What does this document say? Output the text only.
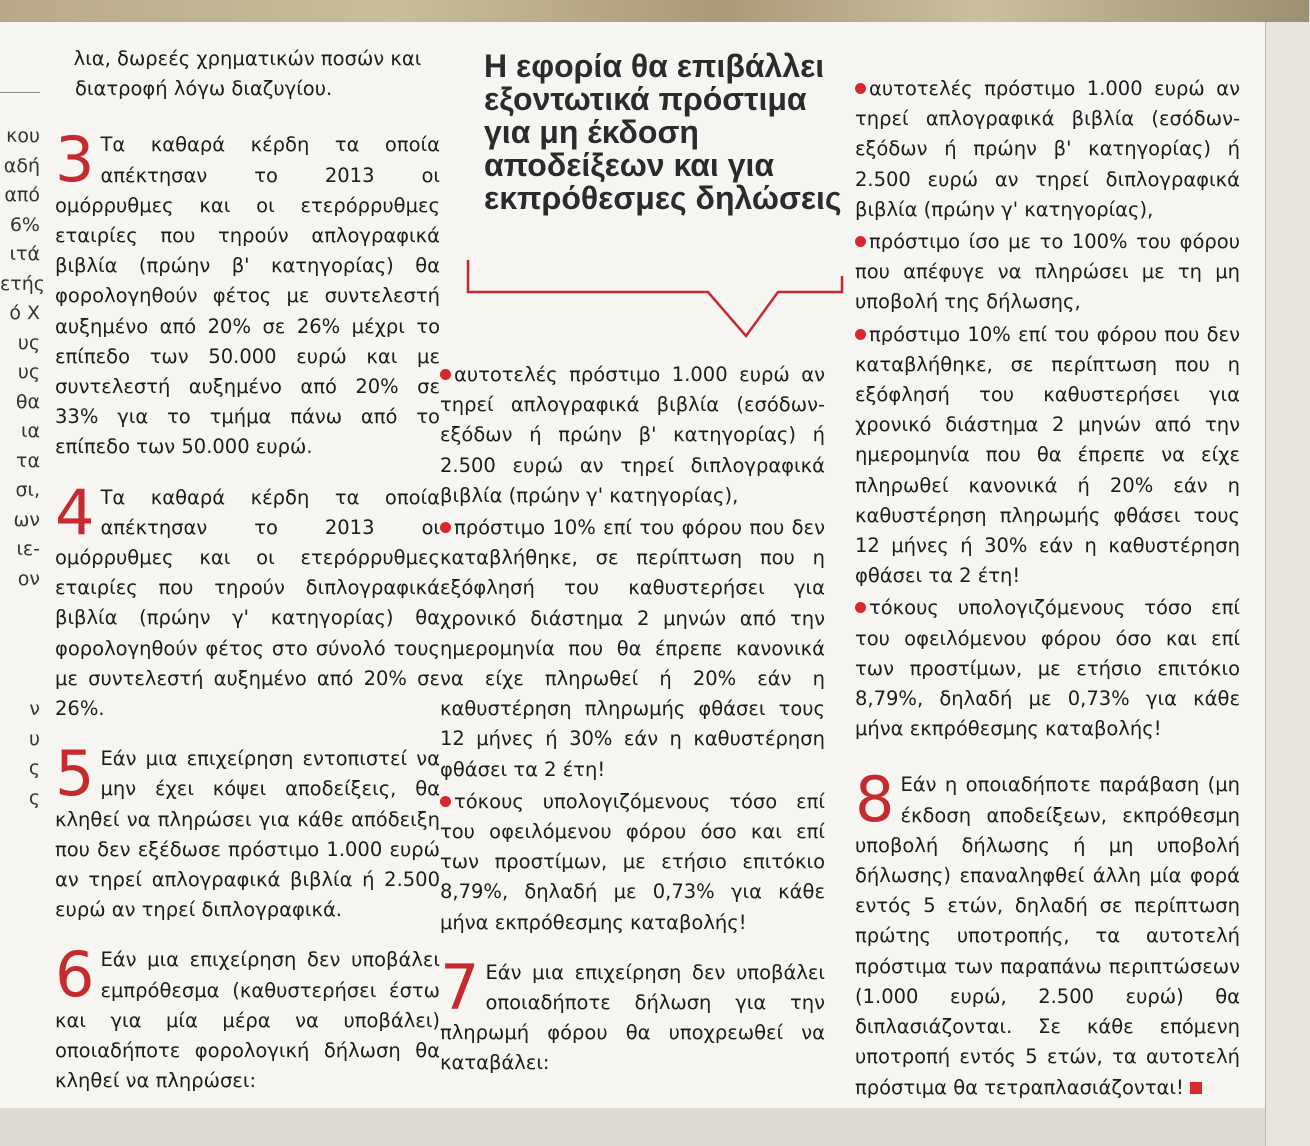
κου
αδή
από
6%
ιτά
ετής
ό Χ
υς
υς
θα
ια
τα
σι,
ων
ιε-
ον
ν
υ
ς
ς

λια, δωρεές χρηματικών ποσών και

διατροφή λόγω διαζυγίου.

3 Τα καθαρά κέρδη τα οποία απέκτησαν το 2013 οι ομόρρυθμες και οι ετερόρρυθμες εταιρίες που τηρούν απλογραφικά βιβλία (πρώην β' κατηγορίας) θα φορολογηθούν φέτος με συντελεστή αυξημένο από 20% σε 26% μέχρι το επίπεδο των 50.000 ευρώ και με συντελεστή αυξημένο από 20% σε 33% για το τμήμα πάνω από το επίπεδο των 50.000 ευρώ.
4 Τα καθαρά κέρδη τα οποία απέκτησαν το 2013 οι ομόρρυθμες και οι ετερόρρυθμες εταιρίες που τηρούν διπλογραφικά βιβλία (πρώην γ' κατηγορίας) θα φορολογηθούν φέτος στο σύνολό τους με συντελεστή αυξημένο από 20% σε 26%.
5 Εάν μια επιχείρηση εντοπιστεί να μην έχει κόψει αποδείξεις, θα κληθεί να πληρώσει για κάθε απόδειξη που δεν εξέδωσε πρόστιμο 1.000 ευρώ αν τηρεί απλογραφικά βιβλία ή 2.500 ευρώ αν τηρεί διπλογραφικά.
6 Εάν μια επιχείρηση δεν υποβάλει εμπρόθεσμα (καθυστερήσει έστω και για μία μέρα να υποβάλει) οποιαδήποτε φορολογική δήλωση θα κληθεί να πληρώσει:
Η εφορία θα επιβάλλει εξοντωτικά πρόστιμα για μη έκδοση αποδείξεων και για εκπρόθεσμες δηλώσεις
αυτοτελές πρόστιμο 1.000 ευρώ αν τηρεί απλογραφικά βιβλία (εσόδων-εξόδων ή πρώην β' κατηγορίας) ή 2.500 ευρώ αν τηρεί διπλογραφικά βιβλία (πρώην γ' κατηγορίας),
πρόστιμο 10% επί του φόρου που δεν καταβλήθηκε, σε περίπτωση που η εξόφλησή του καθυστερήσει για χρονικό διάστημα 2 μηνών από την ημερομηνία που θα έπρεπε κανονικά να είχε πληρωθεί ή 20% εάν η καθυστέρηση πληρωμής φθάσει τους 12 μήνες ή 30% εάν η καθυστέρηση φθάσει τα 2 έτη!
τόκους υπολογιζόμενους τόσο επί του οφειλόμενου φόρου όσο και επί των προστίμων, με ετήσιο επιτόκιο 8,79%, δηλαδή με 0,73% για κάθε μήνα εκπρόθεσμης καταβολής!
7 Εάν μια επιχείρηση δεν υποβάλει οποιαδήποτε δήλωση για την πληρωμή φόρου θα υποχρεωθεί να καταβάλει:
αυτοτελές πρόστιμο 1.000 ευρώ αν τηρεί απλογραφικά βιβλία (εσόδων-εξόδων ή πρώην β' κατηγορίας) ή 2.500 ευρώ αν τηρεί διπλογραφικά βιβλία (πρώην γ' κατηγορίας),
πρόστιμο ίσο με το 100% του φόρου που απέφυγε να πληρώσει με τη μη υποβολή της δήλωσης,
πρόστιμο 10% επί του φόρου που δεν καταβλήθηκε, σε περίπτωση που η εξόφλησή του καθυστερήσει για χρονικό διάστημα 2 μηνών από την ημερομηνία που θα έπρεπε να είχε πληρωθεί κανονικά ή 20% εάν η καθυστέρηση πληρωμής φθάσει τους 12 μήνες ή 30% εάν η καθυστέρηση φθάσει τα 2 έτη!
τόκους υπολογιζόμενους τόσο επί του οφειλόμενου φόρου όσο και επί των προστίμων, με ετήσιο επιτόκιο 8,79%, δηλαδή με 0,73% για κάθε μήνα εκπρόθεσμης καταβολής!
8 Εάν η οποιαδήποτε παράβαση (μη έκδοση αποδείξεων, εκπρόθεσμη υποβολή δήλωσης ή μη υποβολή δήλωσης) επαναληφθεί άλλη μία φορά εντός 5 ετών, δηλαδή σε περίπτωση πρώτης υποτροπής, τα αυτοτελή πρόστιμα των παραπάνω περιπτώσεων (1.000 ευρώ, 2.500 ευρώ) θα διπλασιάζονται. Σε κάθε επόμενη υποτροπή εντός 5 ετών, τα αυτοτελή πρόστιμα θα τετραπλασιάζονται!
